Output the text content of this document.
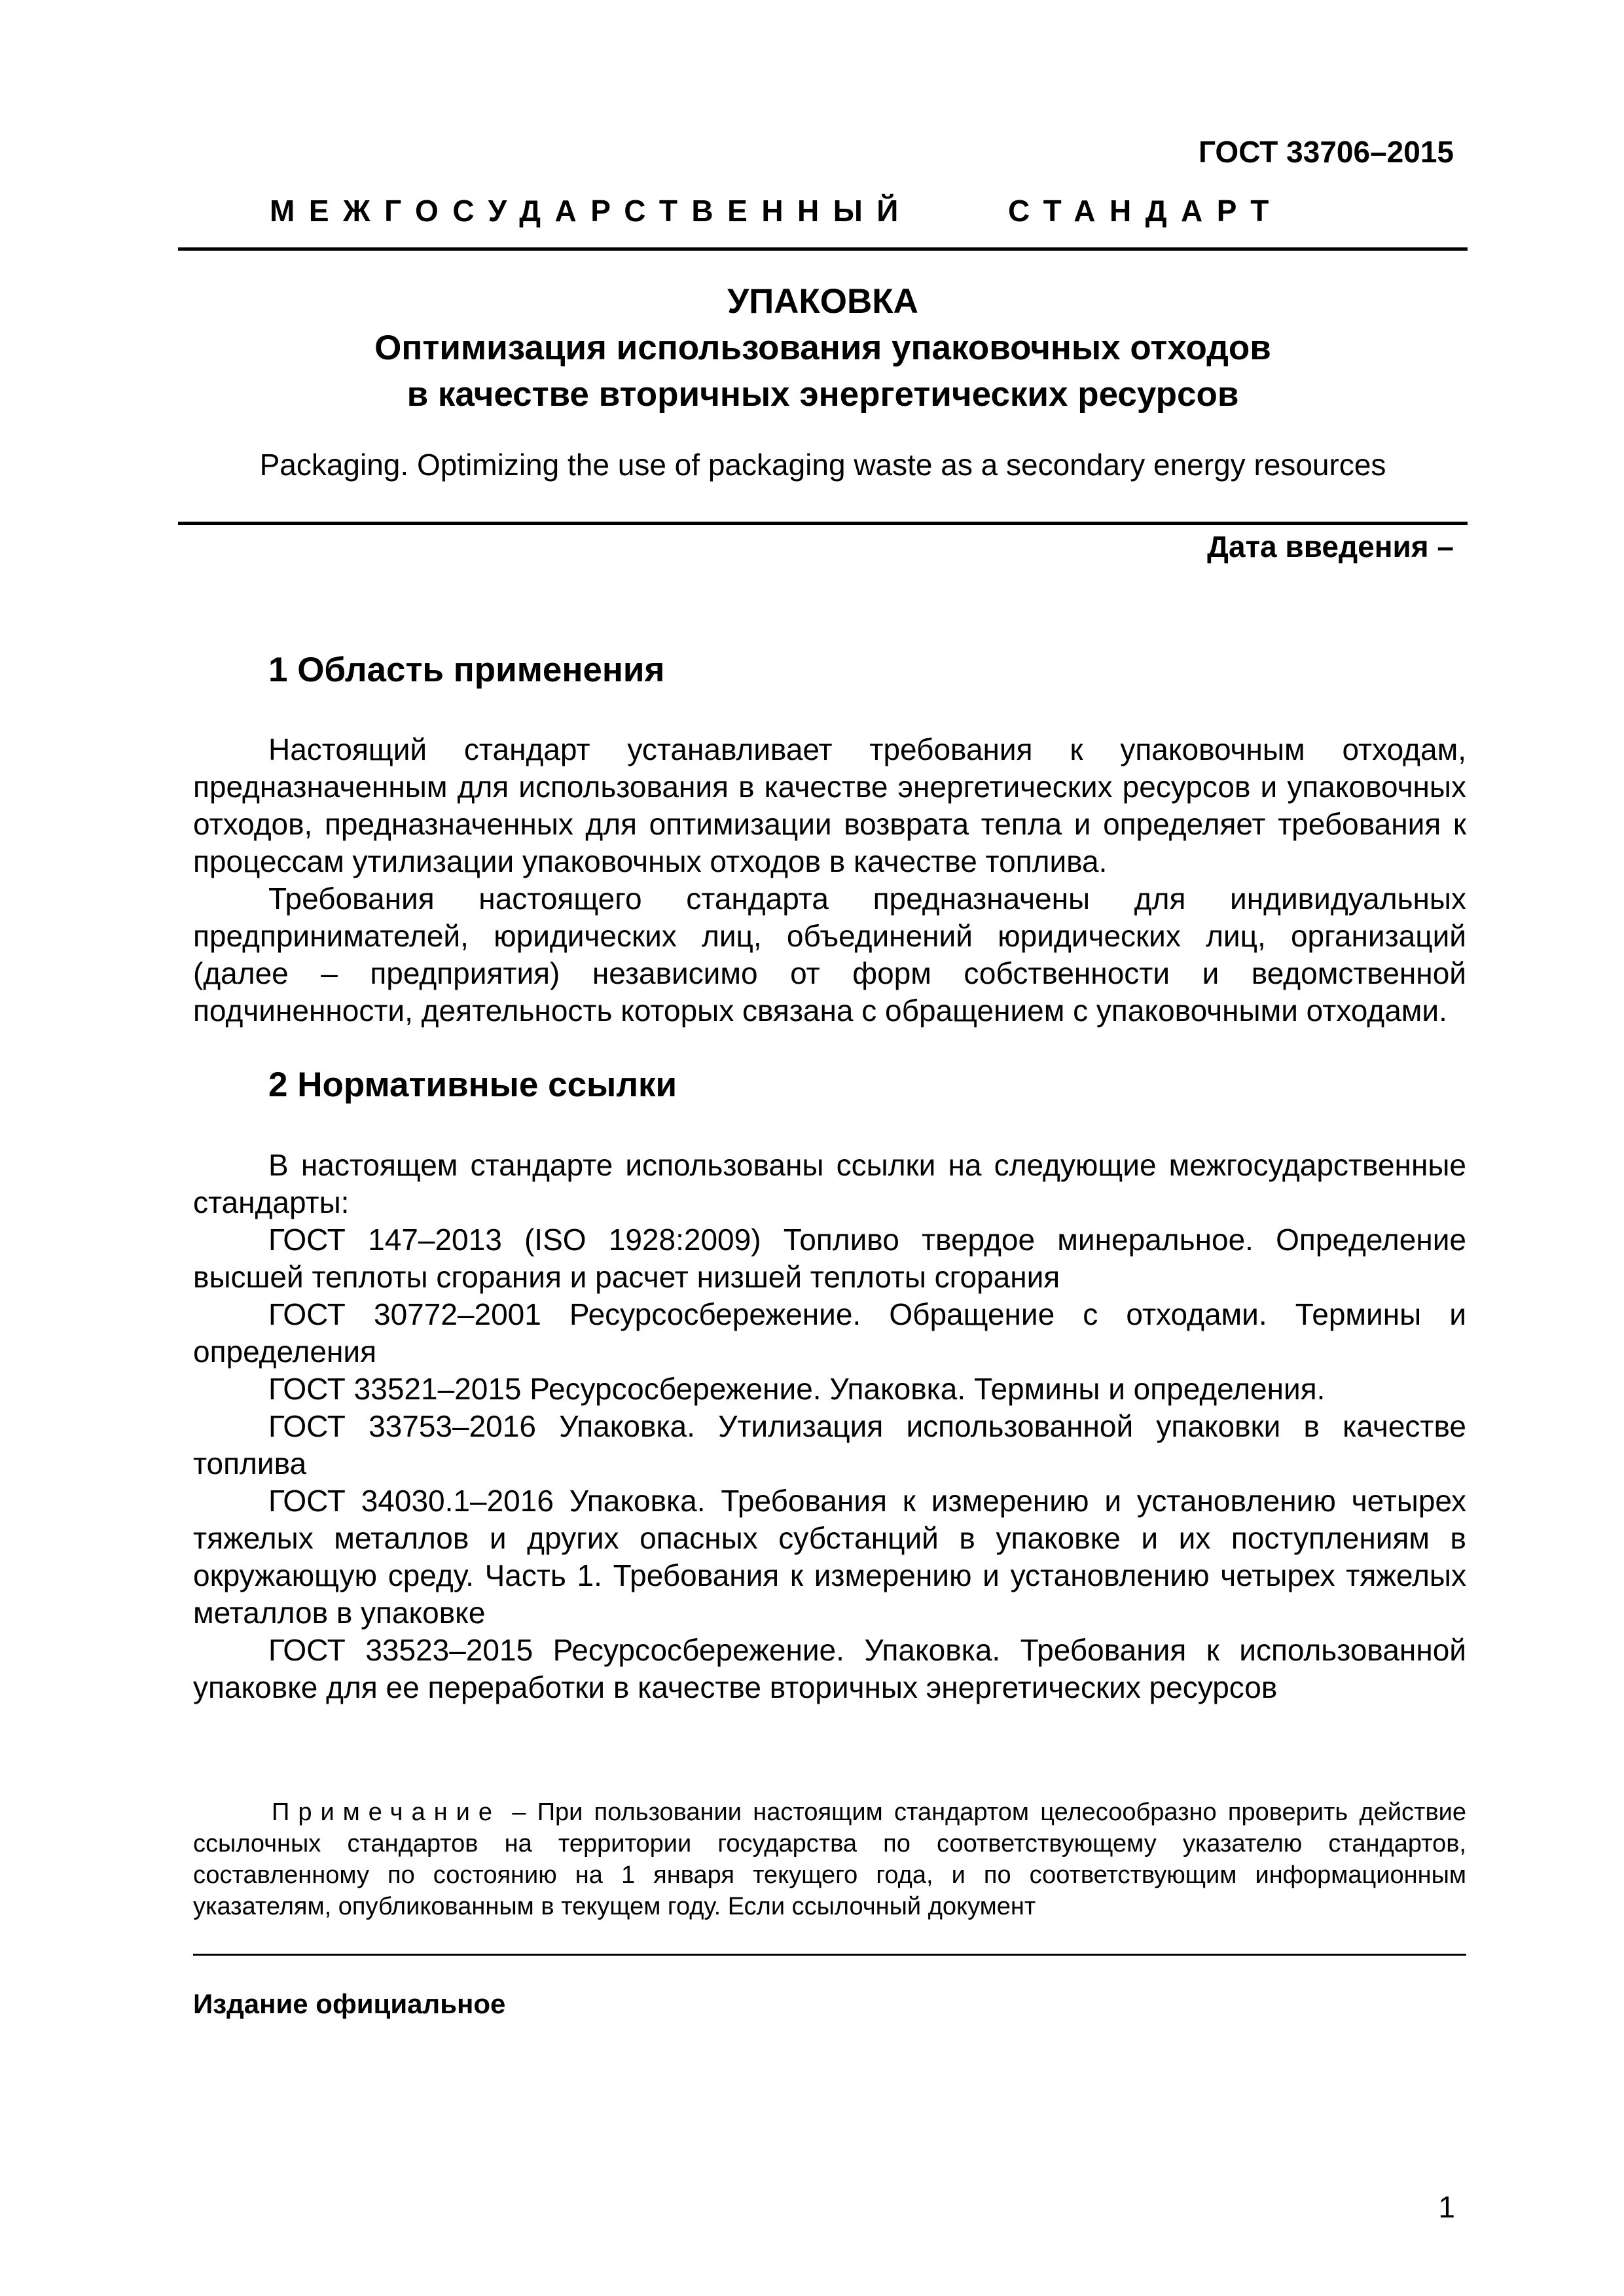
ГОСТ 33706–2015
МЕЖГОСУДАРСТВЕННЫЙ	СТАНДАРТ
УПАКОВКА
Оптимизация использования упаковочных отходов
в качестве вторичных энергетических ресурсов
Packaging. Optimizing the use of packaging waste as a secondary energy resources
Дата введения –
1 Область применения

Настоящий стандарт устанавливает требования к упаковочным отходам, предназначенным для использования в качестве энергетических ресурсов и упаковочных отходов, предназначенных для оптимизации возврата тепла и определяет требования к процессам утилизации упаковочных отходов в качестве топлива.

Требования настоящего стандарта предназначены для индивидуальных предпринимателей, юридических лиц, объединений юридических лиц, организаций (далее – предприятия) независимо от форм собственности и ведомственной подчиненности, деятельность которых связана с обращением с упаковочными отходами.

2 Нормативные ссылки

В настоящем стандарте использованы ссылки на следующие межгосударственные стандарты:

ГОСТ 147–2013 (ISO 1928:2009) Топливо твердое минеральное. Определение высшей теплоты сгорания и расчет низшей теплоты сгорания

ГОСТ 30772–2001 Ресурсосбережение. Обращение с отходами. Термины и определения

ГОСТ 33521–2015 Ресурсосбережение. Упаковка. Термины и определения.

ГОСТ 33753–2016 Упаковка. Утилизация использованной упаковки в качестве топлива

ГОСТ 34030.1–2016 Упаковка. Требования к измерению и установлению четырех тяжелых металлов и других опасных субстанций в упаковке и их поступлениям в окружающую среду. Часть 1. Требования к измерению и установлению четырех тяжелых металлов в упаковке

ГОСТ 33523–2015 Ресурсосбережение. Упаковка. Требования к использованной упаковке для ее переработки в качестве вторичных энергетических ресурсов

Примечание – При пользовании настоящим стандартом целесообразно проверить действие ссылочных стандартов на территории государства по соответствующему указателю стандартов, составленному по состоянию на 1 января текущего года, и по соответствующим информационным указателям, опубликованным в текущем году. Если ссылочный документ

Издание официальное
1
